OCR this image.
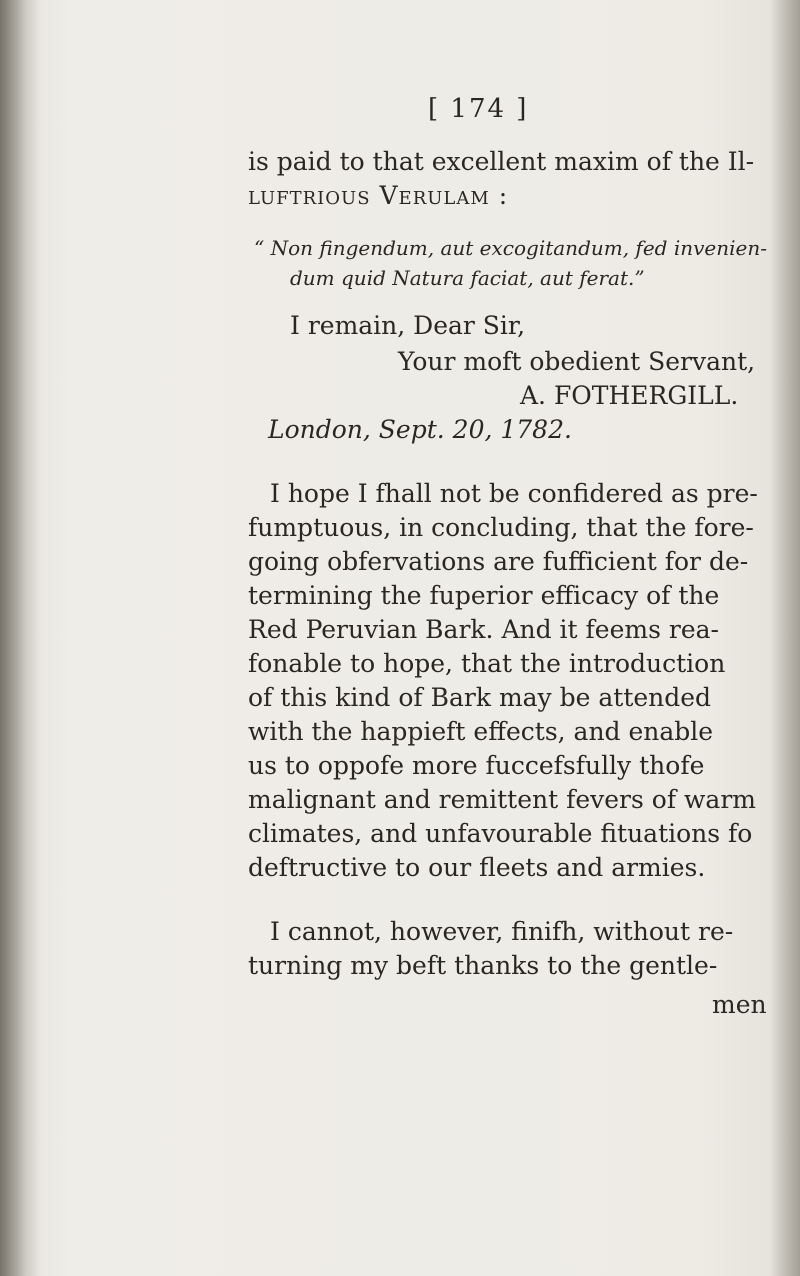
[ 174 ]
is paid to that excellent maxim of the Il-
luftrious Verulam :
“ Non fingendum, aut excogitandum, fed invenien-
dum quid Natura faciat, aut ferat.”
I remain, Dear Sir,
Your moft obedient Servant,
A. FOTHERGILL.
London, Sept. 20, 1782.
I hope I fhall not be confidered as pre-
fumptuous, in concluding, that the fore-
going obfervations are fufficient for de-
termining the fuperior efficacy of the
Red Peruvian Bark. And it feems rea-
fonable to hope, that the introduction
of this kind of Bark may be attended
with the happieft effects, and enable
us to oppofe more fuccefsfully thofe
malignant and remittent fevers of warm
climates, and unfavourable fituations fo
deftructive to our fleets and armies.
I cannot, however, finifh, without re-
turning my beft thanks to the gentle-
men
